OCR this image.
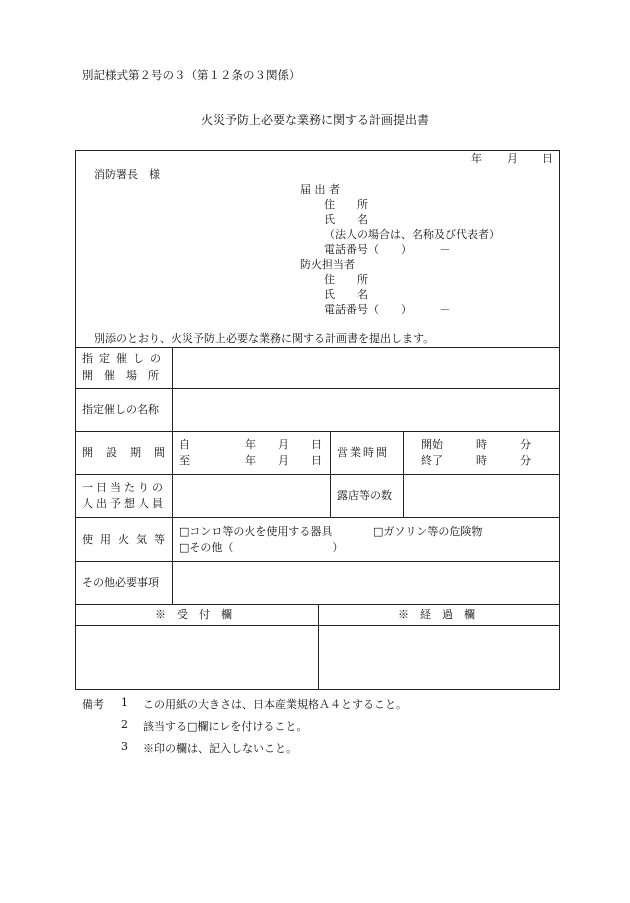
別記様式第２号の３（第１２条の３関係）
火災予防上必要な業務に関する計画提出書
年 月 日
消防署長　様
届 出 者
住　　所
氏　　名
（法人の場合は、名称及び代表者）
電話番号（　　）　　　－
防火担当者
住　　所
氏　　名
電話番号（　　）　　　－
別添のとおり、火災予防上必要な業務に関する計画書を提出します。
指定催しの
開催場所
指定催しの名称
開設期間
自　　　　　年　　月　　日
至　　　　　年　　月　　日
営業時間
開始　　　時　　　分
終了　　　時　　　分
一日当たりの
人出予想人員
露店等の数
使用火気等
□コンロ等の火を使用する器具	□ガソリン等の危険物
□その他（　　　　　　　　　）
その他必要事項
※　受　付　欄	※　経　過　欄
備考 1 この用紙の大きさは、日本産業規格Ａ４とすること。
2 該当する□欄にレを付けること。
3 ※印の欄は、記入しないこと。
